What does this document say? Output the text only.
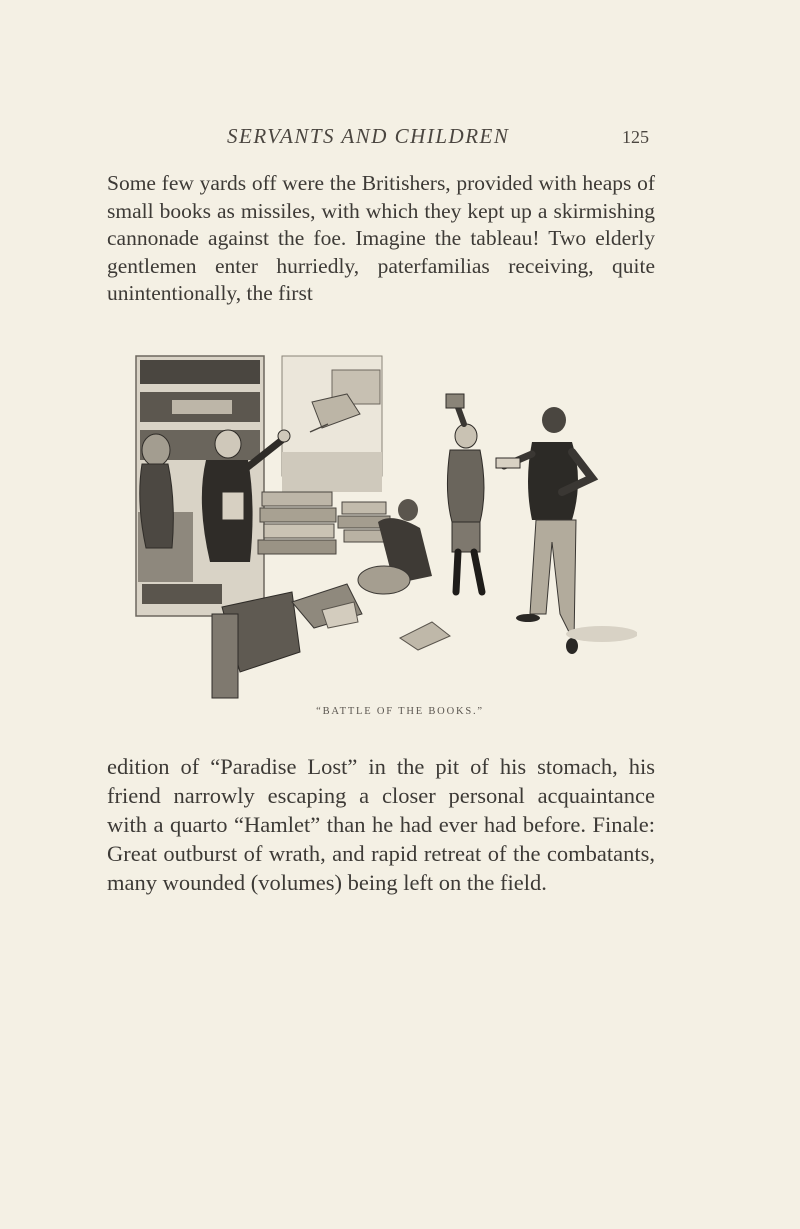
SERVANTS AND CHILDREN	125

Some few yards off were the Britishers, provided with heaps of small books as missiles, with which they kept up a skirmishing cannonade against the foe. Imagine the tableau! Two elderly gentlemen enter hurriedly, paterfamilias receiving, quite unintentionally, the first

“BATTLE OF THE BOOKS.”

edition of “Paradise Lost” in the pit of his stomach, his friend narrowly escaping a closer personal acquaintance with a quarto “Hamlet” than he had ever had before. Finale: Great outburst of wrath, and rapid retreat of the combatants, many wounded (volumes) being left on the field.
